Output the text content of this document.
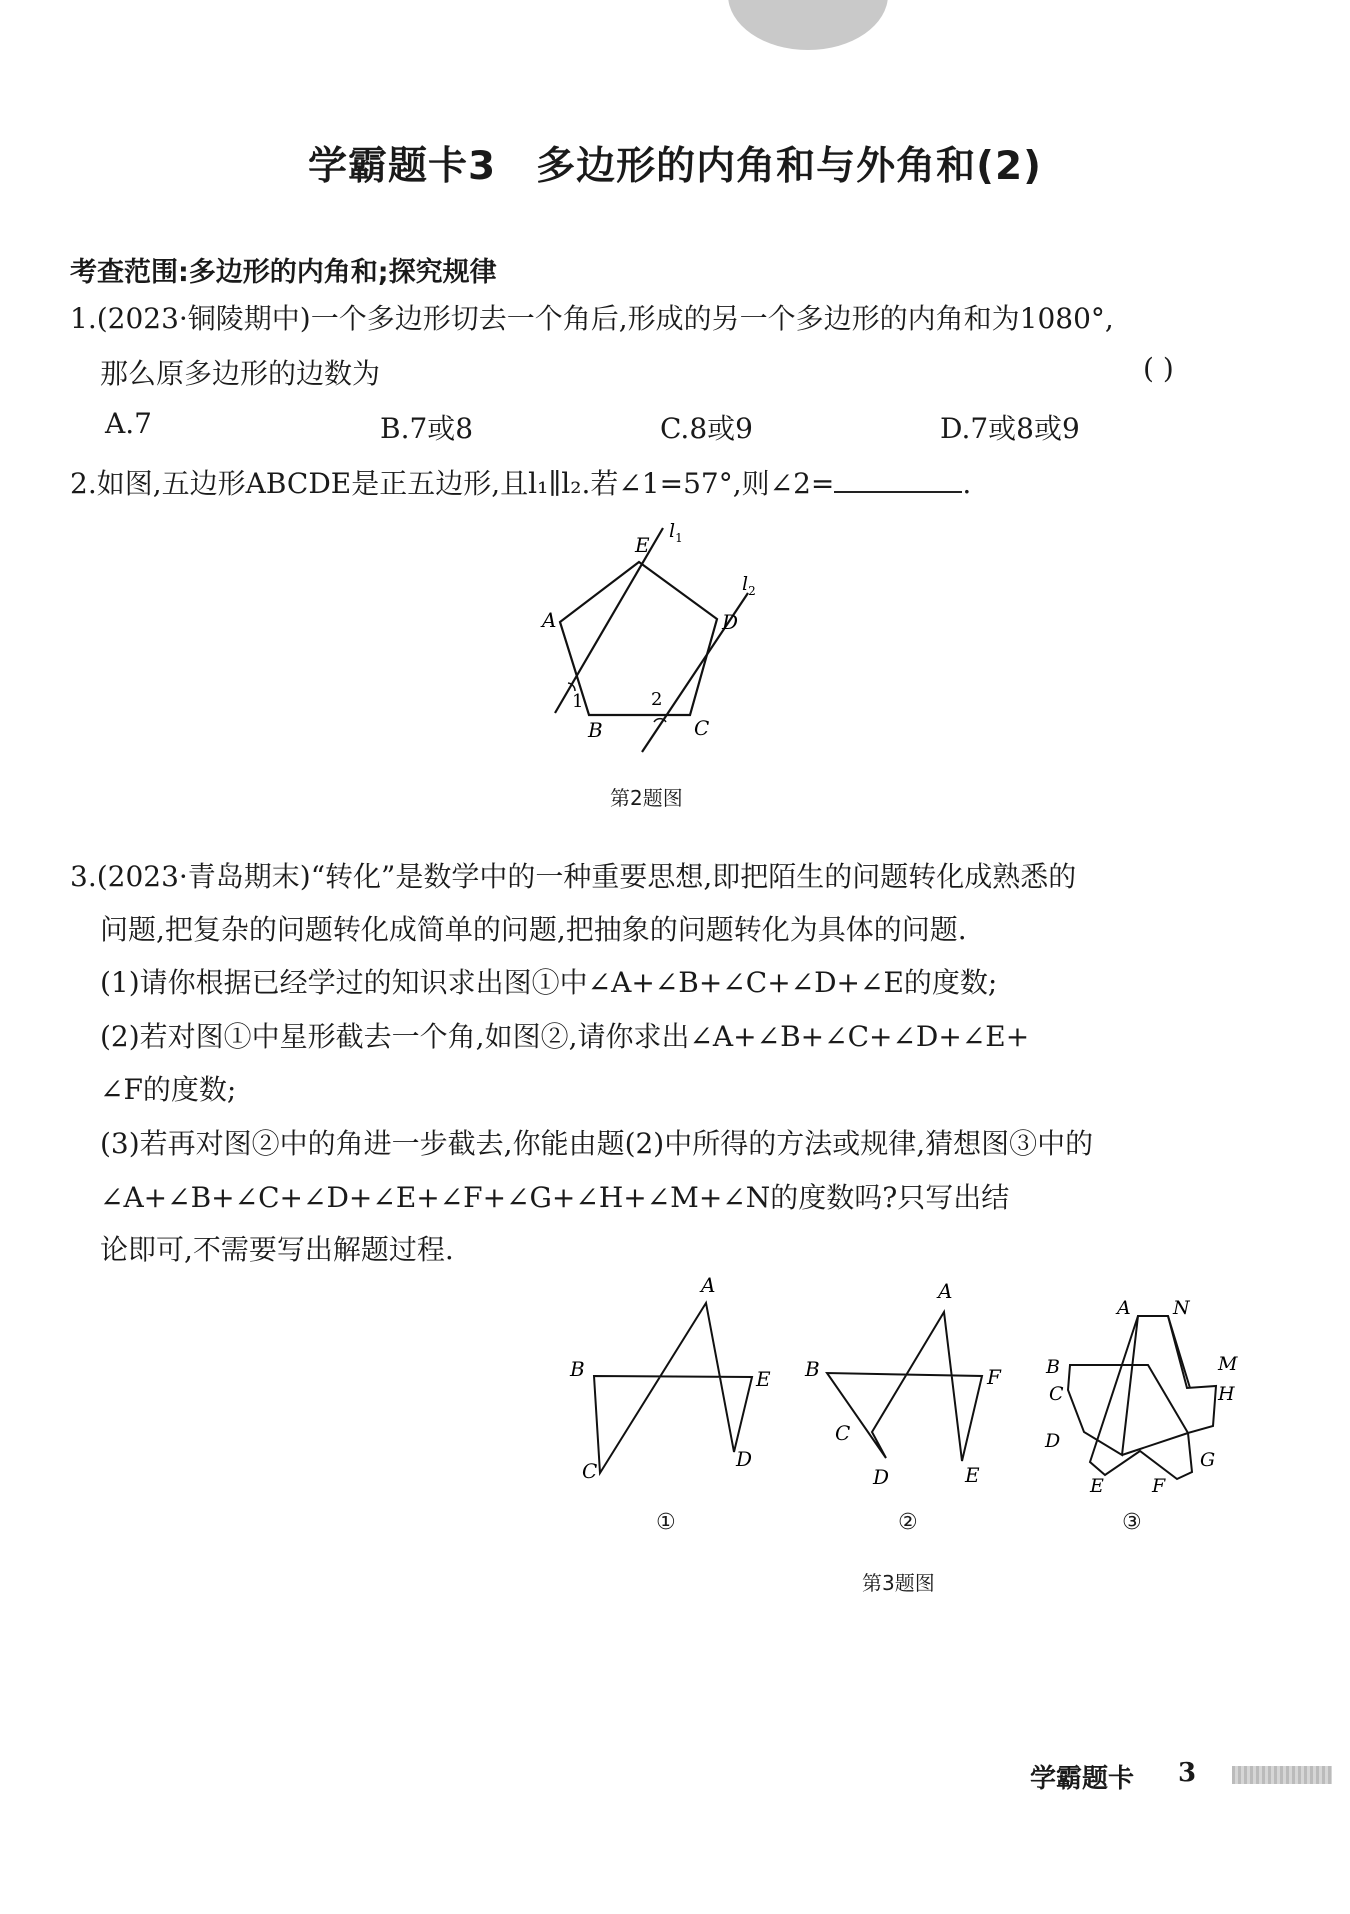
学霸题卡3 多边形的内角和与外角和(2)
考查范围:多边形的内角和;探究规律
1.(2023·铜陵期中)一个多边形切去一个角后,形成的另一个多边形的内角和为1080°,
那么原多边形的边数为	( )
A.7	B.7或8	C.8或9	D.7或8或9
2.如图,五边形ABCDE是正五边形,且l₁∥l₂.若∠1=57°,则∠2=	.
E
$l_1$
$l_2$
A	D
1	2
B	C
第2题图
3.(2023·青岛期末)“转化”是数学中的一种重要思想,即把陌生的问题转化成熟悉的
问题,把复杂的问题转化成简单的问题,把抽象的问题转化为具体的问题.
(1)请你根据已经学过的知识求出图①中∠A+∠B+∠C+∠D+∠E的度数;
(2)若对图①中星形截去一个角,如图②,请你求出∠A+∠B+∠C+∠D+∠E+
∠F的度数;
(3)若再对图②中的角进一步截去,你能由题(2)中所得的方法或规律,猜想图③中的
∠A+∠B+∠C+∠D+∠E+∠F+∠G+∠H+∠M+∠N的度数吗?只写出结
论即可,不需要写出解题过程.
A
B	E
C	D
A
B	F
C
D	E
A N
B	M
C	H
D
G
E	F
①	②	③
第3题图
学霸题卡 3
